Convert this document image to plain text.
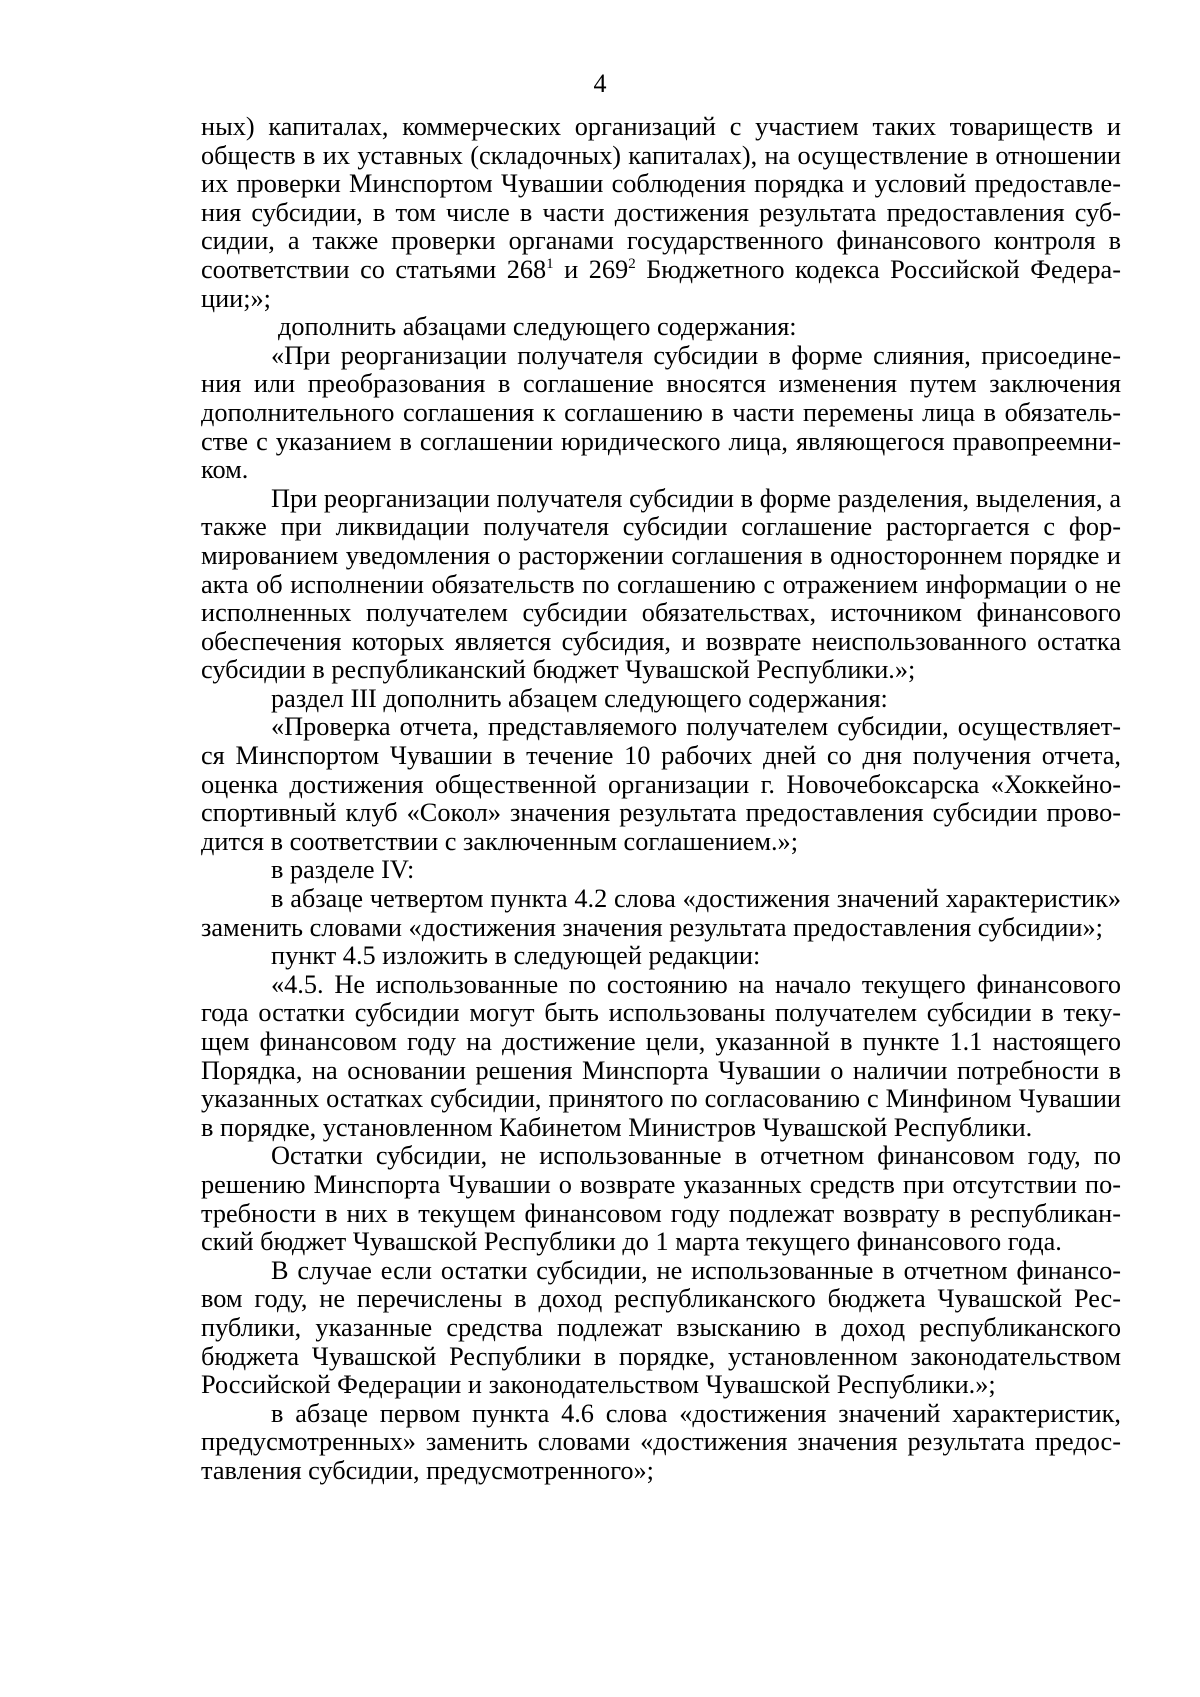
4

ных) капиталах, коммерческих организаций с участием таких товариществ и обществ в их уставных (складочных) капиталах), на осуществление в отношении их проверки Минспортом Чувашии соблюдения порядка и условий предоставления субсидии, в том числе в части достижения результата предоставления субсидии, а также проверки органами государственного финансового контроля в соответствии со статьями $268^1$ и $269^2$ Бюджетного кодекса Российской Федерации;»;

дополнить абзацами следующего содержания:

«При реорганизации получателя субсидии в форме слияния, присоединения или преобразования в соглашение вносятся изменения путем заключения дополнительного соглашения к соглашению в части перемены лица в обязательстве с указанием в соглашении юридического лица, являющегося правопреемником.

При реорганизации получателя субсидии в форме разделения, выделения, а также при ликвидации получателя субсидии соглашение расторгается с формированием уведомления о расторжении соглашения в одностороннем порядке и акта об исполнении обязательств по соглашению с отражением информации о не исполненных получателем субсидии обязательствах, источником финансового обеспечения которых является субсидия, и возврате неиспользованного остатка субсидии в республиканский бюджет Чувашской Республики.»;

раздел III дополнить абзацем следующего содержания:

«Проверка отчета, представляемого получателем субсидии, осуществляется Минспортом Чувашии в течение 10 рабочих дней со дня получения отчета, оценка достижения общественной организации г. Новочебоксарска «Хоккейно-спортивный клуб «Сокол» значения результата предоставления субсидии проводится в соответствии с заключенным соглашением.»;

в разделе IV:

в абзаце четвертом пункта 4.2 слова «достижения значений характеристик» заменить словами «достижения значения результата предоставления субсидии»;

пункт 4.5 изложить в следующей редакции:

«4.5. Не использованные по состоянию на начало текущего финансового года остатки субсидии могут быть использованы получателем субсидии в текущем финансовом году на достижение цели, указанной в пункте 1.1 настоящего Порядка, на основании решения Минспорта Чувашии о наличии потребности в указанных остатках субсидии, принятого по согласованию с Минфином Чувашии в порядке, установленном Кабинетом Министров Чувашской Республики.

Остатки субсидии, не использованные в отчетном финансовом году, по решению Минспорта Чувашии о возврате указанных средств при отсутствии потребности в них в текущем финансовом году подлежат возврату в республиканский бюджет Чувашской Республики до 1 марта текущего финансового года.

В случае если остатки субсидии, не использованные в отчетном финансовом году, не перечислены в доход республиканского бюджета Чувашской Республики, указанные средства подлежат взысканию в доход республиканского бюджета Чувашской Республики в порядке, установленном законодательством Российской Федерации и законодательством Чувашской Республики.»;

в абзаце первом пункта 4.6 слова «достижения значений характеристик, предусмотренных» заменить словами «достижения значения результата предоставления субсидии, предусмотренного»;
